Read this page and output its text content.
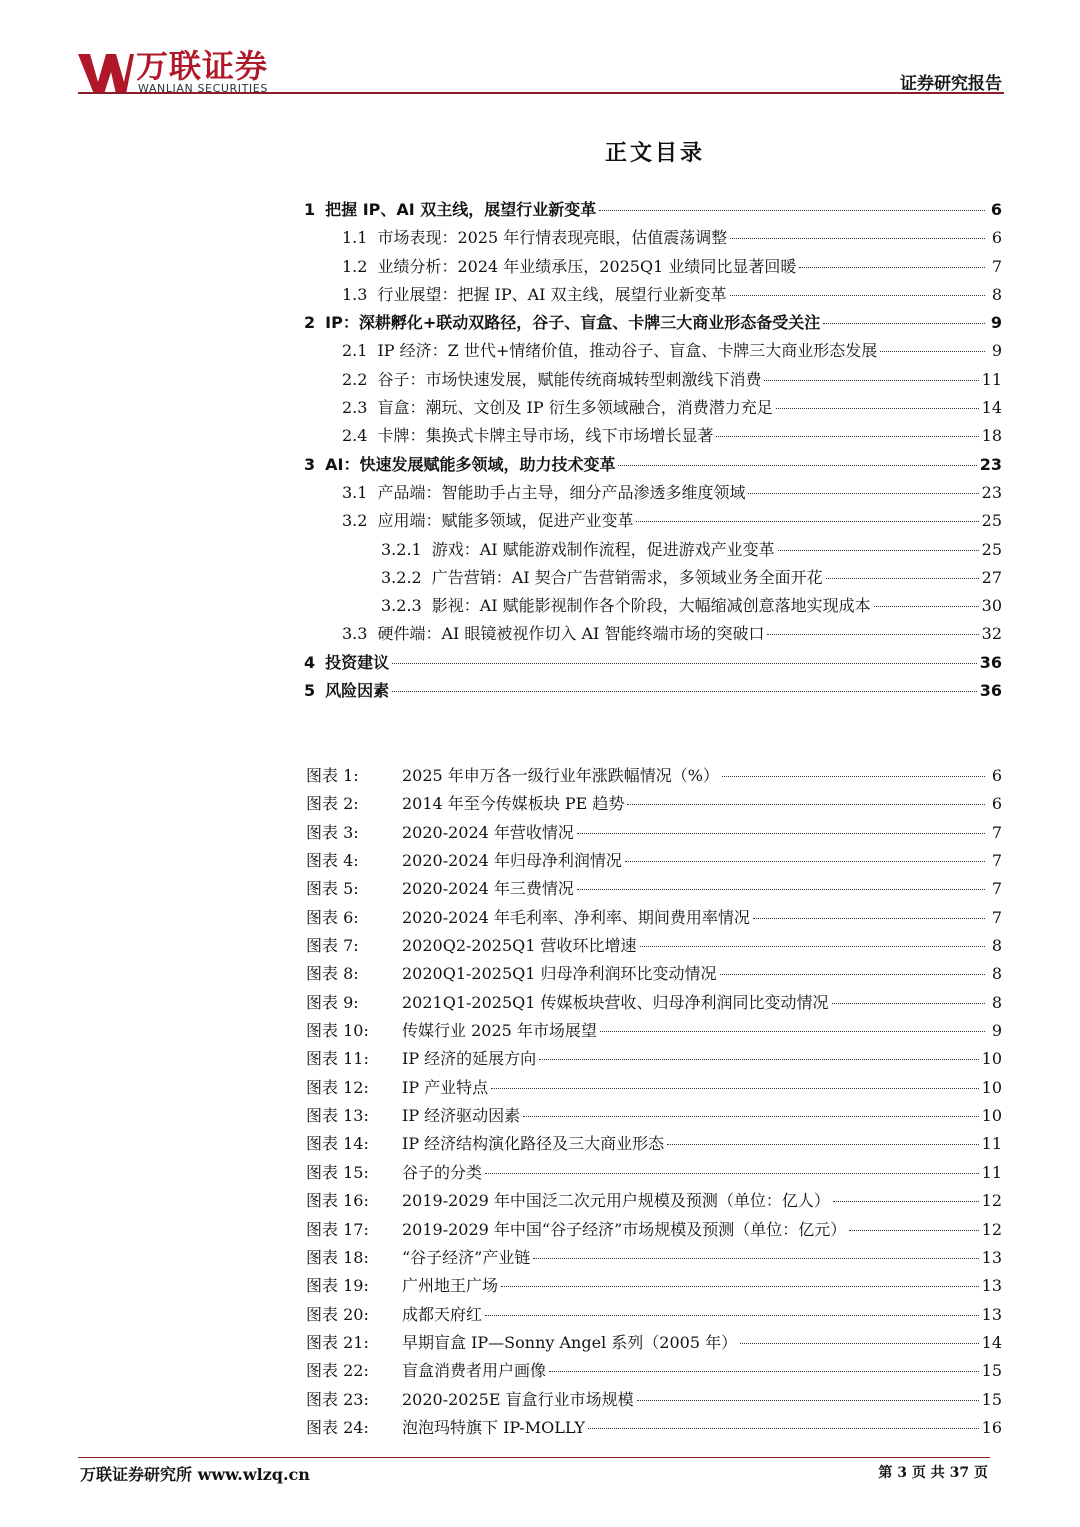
万联证券
WANLIAN SECURITIES	证券研究报告
正文目录
1 把握 IP、AI 双主线，展望行业新变革	6
1.1 市场表现：2025 年行情表现亮眼，估值震荡调整	6
1.2 业绩分析：2024 年业绩承压，2025Q1 业绩同比显著回暖	7
1.3 行业展望：把握 IP、AI 双主线，展望行业新变革	8
2 IP：深耕孵化+联动双路径，谷子、盲盒、卡牌三大商业形态备受关注	9
2.1 IP 经济：Z 世代+情绪价值，推动谷子、盲盒、卡牌三大商业形态发展	9
2.2 谷子：市场快速发展，赋能传统商城转型刺激线下消费	11
2.3 盲盒：潮玩、文创及 IP 衍生多领域融合，消费潜力充足	14
2.4 卡牌：集换式卡牌主导市场，线下市场增长显著	18
3 AI：快速发展赋能多领域，助力技术变革	23
3.1 产品端：智能助手占主导，细分产品渗透多维度领域	23
3.2 应用端：赋能多领域，促进产业变革	25
3.2.1 游戏：AI 赋能游戏制作流程，促进游戏产业变革	25
3.2.2 广告营销：AI 契合广告营销需求，多领域业务全面开花	27
3.2.3 影视：AI 赋能影视制作各个阶段，大幅缩减创意落地实现成本	30
3.3 硬件端：AI 眼镜被视作切入 AI 智能终端市场的突破口	32
4 投资建议	36
5 风险因素	36
图表 1:	2025 年申万各一级行业年涨跌幅情况（%）	6
图表 2:	2014 年至今传媒板块 PE 趋势	6
图表 3:	2020-2024 年营收情况	7
图表 4:	2020-2024 年归母净利润情况	7
图表 5:	2020-2024 年三费情况	7
图表 6:	2020-2024 年毛利率、净利率、期间费用率情况	7
图表 7:	2020Q2-2025Q1 营收环比增速	8
图表 8:	2020Q1-2025Q1 归母净利润环比变动情况	8
图表 9:	2021Q1-2025Q1 传媒板块营收、归母净利润同比变动情况	8
图表 10:	传媒行业 2025 年市场展望	9
图表 11:	IP 经济的延展方向	10
图表 12:	IP 产业特点	10
图表 13:	IP 经济驱动因素	10
图表 14:	IP 经济结构演化路径及三大商业形态	11
图表 15:	谷子的分类	11
图表 16:	2019-2029 年中国泛二次元用户规模及预测（单位：亿人）	12
图表 17:	2019-2029 年中国“谷子经济”市场规模及预测（单位：亿元）	12
图表 18:	“谷子经济”产业链	13
图表 19:	广州地王广场	13
图表 20:	成都天府红	13
图表 21:	早期盲盒 IP—Sonny Angel 系列（2005 年）	14
图表 22:	盲盒消费者用户画像	15
图表 23:	2020-2025E 盲盒行业市场规模	15
图表 24:	泡泡玛特旗下 IP-MOLLY	16
万联证券研究所 www.wlzq.cn	第 3 页 共 37 页
